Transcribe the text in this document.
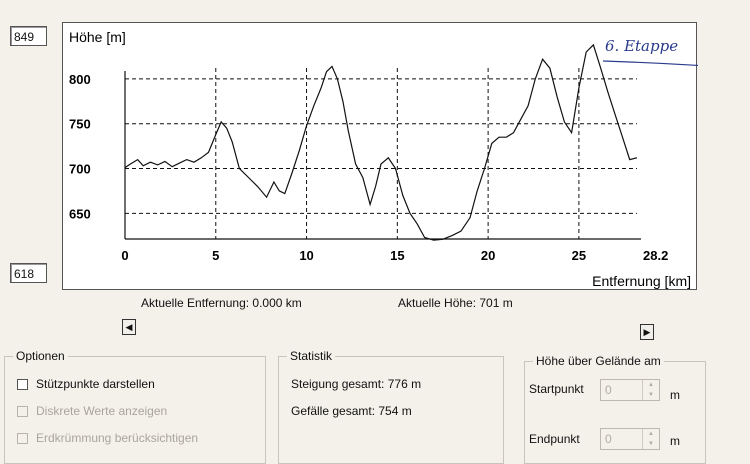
849
618
Höhe [m]
Entfernung [km]
6. Etappe
650
700
750
800
0	5	10	15	20	25	28.2
Aktuelle Entfernung: 0.000 km	Aktuelle Höhe: 701 m
◀	▶
Optionen
Stützpunkte darstellen
Diskrete Werte anzeigen
Erdkrümmung berücksichtigen
Statistik
Steigung gesamt: 776 m
Gefälle gesamt: 754 m
Höhe über Gelände am
Startpunkt 0	▲
▼	m
Endpunkt 0	▲
▼	m
